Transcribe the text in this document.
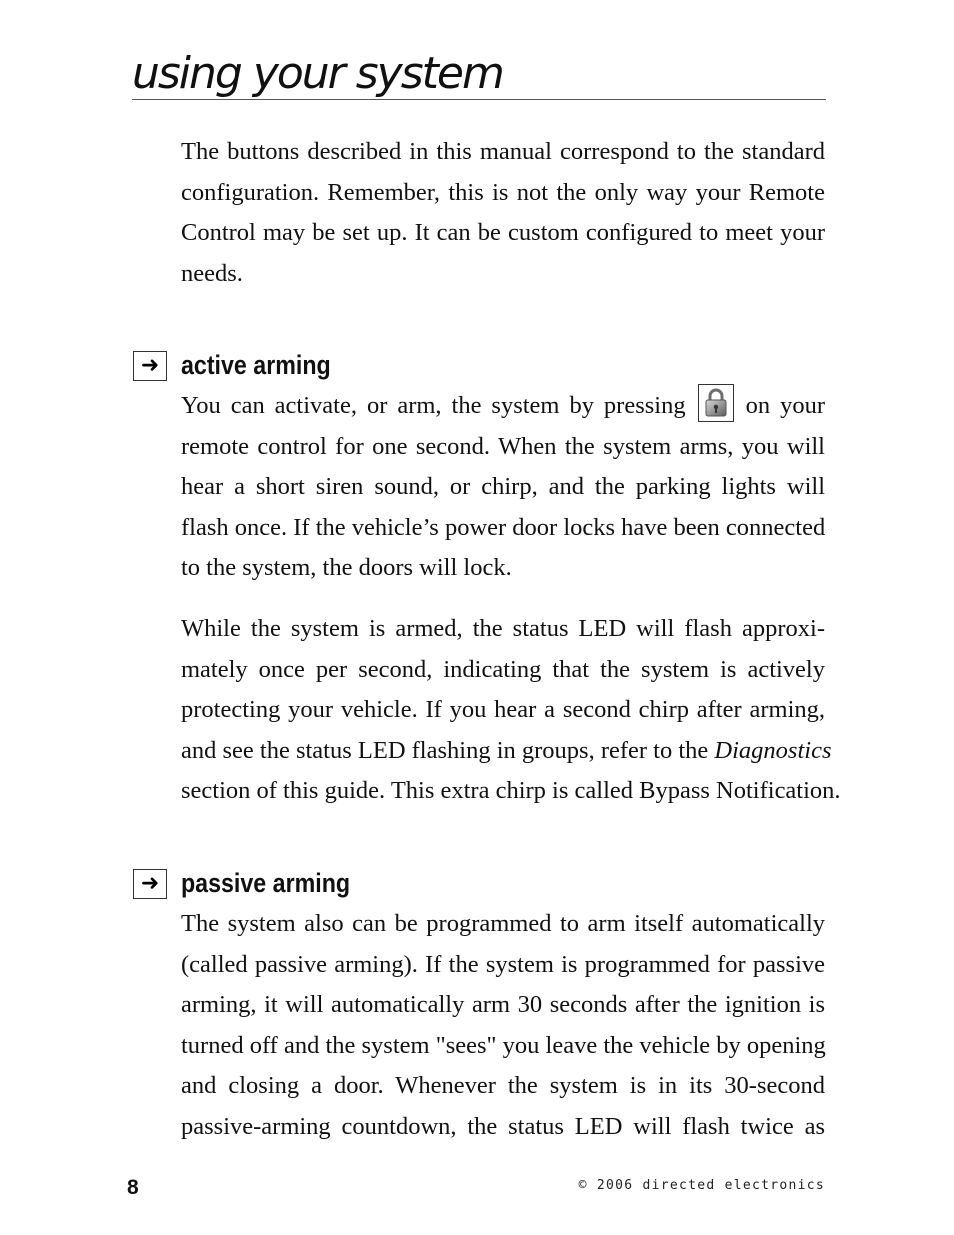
using your system

The buttons described in this manual correspond to the standard
configuration. Remember, this is not the only way your Remote
Control may be set up. It can be custom configured to meet your
needs.

➜ active arming

You can activate, or arm, the system by pressing on your
remote control for one second. When the system arms, you will
hear a short siren sound, or chirp, and the parking lights will
flash once. If the vehicle’s power door locks have been connected
to the system, the doors will lock.

While the system is armed, the status LED will flash approxi-
mately once per second, indicating that the system is actively
protecting your vehicle. If you hear a second chirp after arming,
and see the status LED flashing in groups, refer to the Diagnostics
section of this guide. This extra chirp is called Bypass Notification.

➜ passive arming

The system also can be programmed to arm itself automatically
(called passive arming). If the system is programmed for passive
arming, it will automatically arm 30 seconds after the ignition is
turned off and the system "sees" you leave the vehicle by opening
and closing a door. Whenever the system is in its 30-second
passive-arming countdown, the status LED will flash twice as

8	© 2006 directed electronics
